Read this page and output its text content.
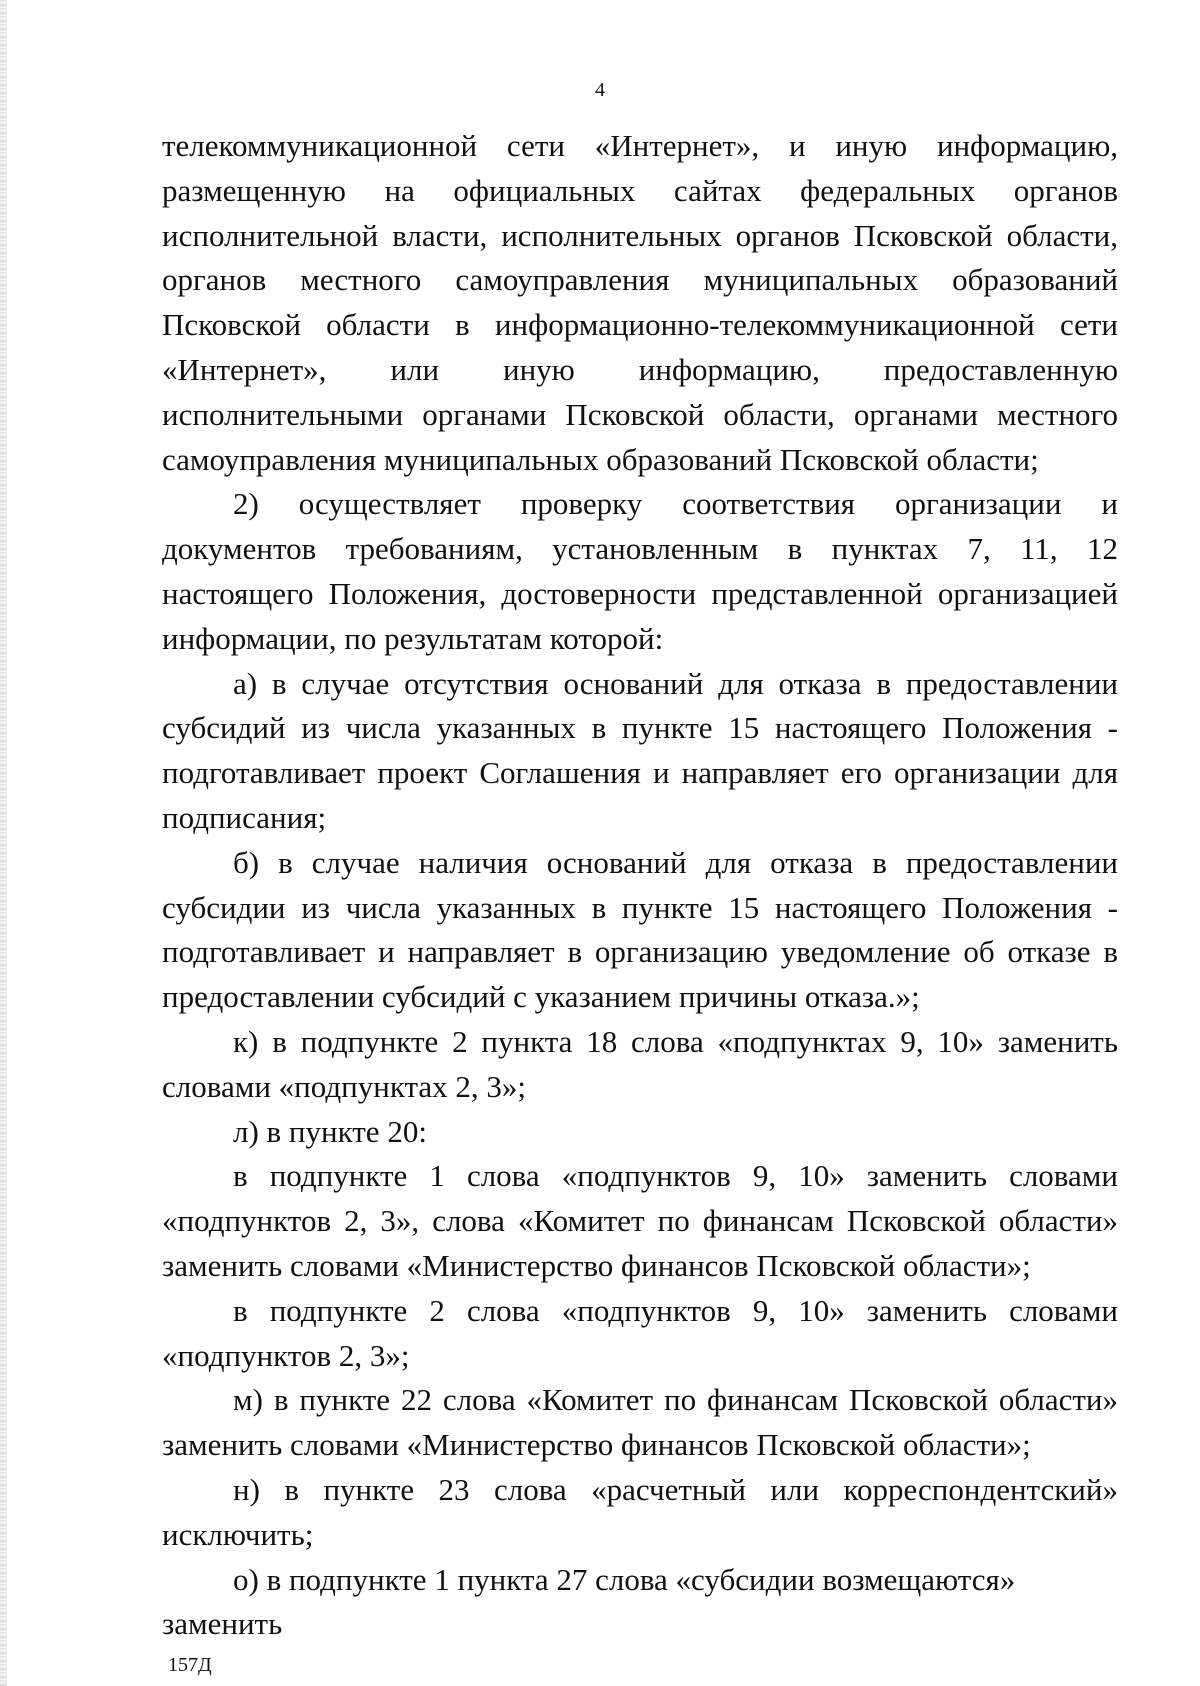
4

телекоммуникационной сети «Интернет», и иную информацию, размещенную на официальных сайтах федеральных органов исполнительной власти, исполнительных органов Псковской области, органов местного самоуправления муниципальных образований Псковской области в информационно-телекоммуникационной сети «Интернет», или иную информацию, предоставленную исполнительными органами Псковской области, органами местного самоуправления муниципальных образований Псковской области;

2) осуществляет проверку соответствия организации и документов требованиям, установленным в пунктах 7, 11, 12 настоящего Положения, достоверности представленной организацией информации, по результатам которой:

а) в случае отсутствия оснований для отказа в предоставлении субсидий из числа указанных в пункте 15 настоящего Положения - подготавливает проект Соглашения и направляет его организации для подписания;

б) в случае наличия оснований для отказа в предоставлении субсидии из числа указанных в пункте 15 настоящего Положения - подготавливает и направляет в организацию уведомление об отказе в предоставлении субсидий с указанием причины отказа.»;

к) в подпункте 2 пункта 18 слова «подпунктах 9, 10» заменить словами «подпунктах 2, 3»;

л) в пункте 20:

в подпункте 1 слова «подпунктов 9, 10» заменить словами «подпунктов 2, 3», слова «Комитет по финансам Псковской области» заменить словами «Министерство финансов Псковской области»;

в подпункте 2 слова «подпунктов 9, 10» заменить словами «подпунктов 2, 3»;

м) в пункте 22 слова «Комитет по финансам Псковской области» заменить словами «Министерство финансов Псковской области»;

н) в пункте 23 слова «расчетный или корреспондентский» исключить;

о) в подпункте 1 пункта 27 слова «субсидии возмещаются» заменить

157Д
